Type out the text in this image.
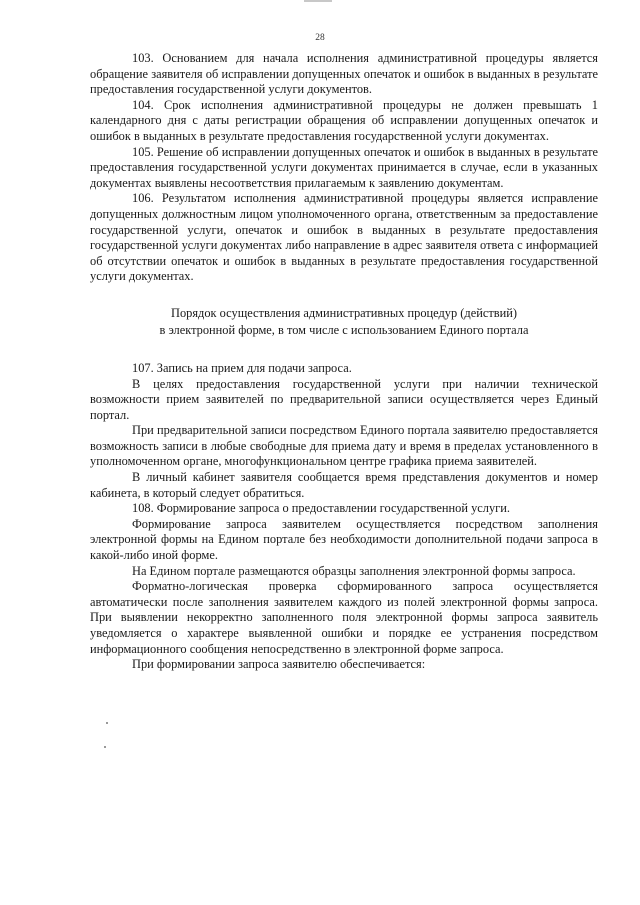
28

103. Основанием для начала исполнения административной процедуры является обращение заявителя об исправлении допущенных опечаток и ошибок в выданных в результате предоставления государственной услуги документов.

104. Срок исполнения административной процедуры не должен превышать 1 календарного дня с даты регистрации обращения об исправлении допущенных опечаток и ошибок в выданных в результате предоставления государственной услуги документах.

105. Решение об исправлении допущенных опечаток и ошибок в выданных в результате предоставления государственной услуги документах принимается в случае, если в указанных документах выявлены несоответствия прилагаемым к заявлению документам.

106. Результатом исполнения административной процедуры является исправление допущенных должностным лицом уполномоченного органа, ответственным за предоставление государственной услуги, опечаток и ошибок в выданных в результате предоставления государственной услуги документах либо направление в адрес заявителя ответа с информацией об отсутствии опечаток и ошибок в выданных в результате предоставления государственной услуги документах.

Порядок осуществления административных процедур (действий)
в электронной форме, в том числе с использованием Единого портала

107. Запись на прием для подачи запроса.

В целях предоставления государственной услуги при наличии технической возможности прием заявителей по предварительной записи осуществляется через Единый портал.

При предварительной записи посредством Единого портала заявителю предоставляется возможность записи в любые свободные для приема дату и время в пределах установленного в уполномоченном органе, многофункциональном центре графика приема заявителей.

В личный кабинет заявителя сообщается время представления документов и номер кабинета, в который следует обратиться.

108. Формирование запроса о предоставлении государственной услуги.

Формирование запроса заявителем осуществляется посредством заполнения электронной формы на Едином портале без необходимости дополнительной подачи запроса в какой-либо иной форме.

На Едином портале размещаются образцы заполнения электронной формы запроса.

Форматно-логическая проверка сформированного запроса осуществляется автоматически после заполнения заявителем каждого из полей электронной формы запроса. При выявлении некорректно заполненного поля электронной формы запроса заявитель уведомляется о характере выявленной ошибки и порядке ее устранения посредством информационного сообщения непосредственно в электронной форме запроса.

При формировании запроса заявителю обеспечивается:
